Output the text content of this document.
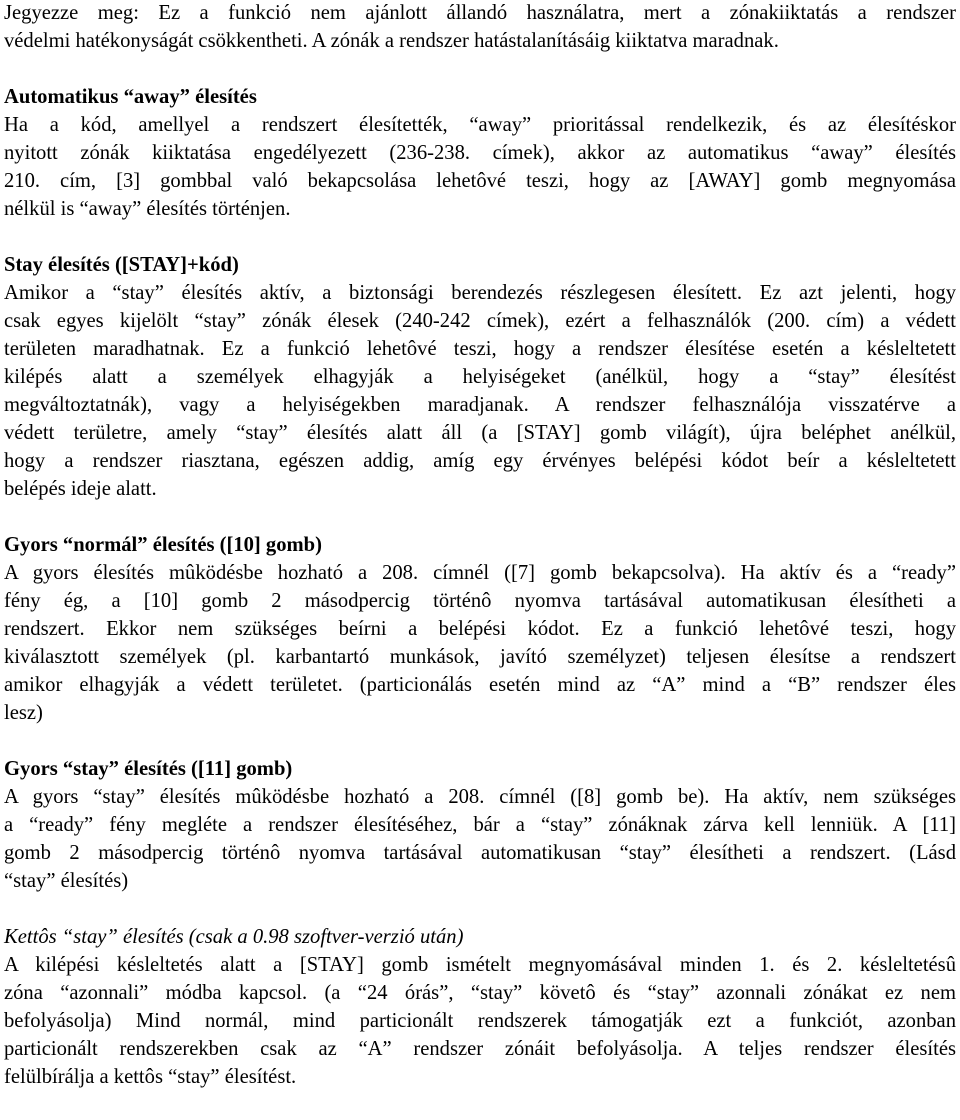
Jegyezze meg: Ez a funkció nem ajánlott állandó használatra, mert a zónakiiktatás a rendszer
védelmi hatékonyságát csökkentheti. A zónák a rendszer hatástalanításáig kiiktatva maradnak.
Automatikus “away” élesítés
Ha a kód, amellyel a rendszert élesítették, “away” prioritással rendelkezik, és az élesítéskor
nyitott zónák kiiktatása engedélyezett (236-238. címek), akkor az automatikus “away” élesítés
210. cím, [3] gombbal való bekapcsolása lehetôvé teszi, hogy az [AWAY] gomb megnyomása
nélkül is “away” élesítés történjen.
Stay élesítés ([STAY]+kód)
Amikor a “stay” élesítés aktív, a biztonsági berendezés részlegesen élesített. Ez azt jelenti, hogy
csak egyes kijelölt “stay” zónák élesek (240-242 címek), ezért a felhasználók (200. cím) a védett
területen maradhatnak. Ez a funkció lehetôvé teszi, hogy a rendszer élesítése esetén a késleltetett
kilépés alatt a személyek elhagyják a helyiségeket (anélkül, hogy a “stay” élesítést
megváltoztatnák), vagy a helyiségekben maradjanak. A rendszer felhasználója visszatérve a
védett területre, amely “stay” élesítés alatt áll (a [STAY] gomb világít), újra beléphet anélkül,
hogy a rendszer riasztana, egészen addig, amíg egy érvényes belépési kódot beír a késleltetett
belépés ideje alatt.
Gyors “normál” élesítés ([10] gomb)
A gyors élesítés mûködésbe hozható a 208. címnél ([7] gomb bekapcsolva). Ha aktív és a “ready”
fény ég, a [10] gomb 2 másodpercig történô nyomva tartásával automatikusan élesítheti a
rendszert. Ekkor nem szükséges beírni a belépési kódot. Ez a funkció lehetôvé teszi, hogy
kiválasztott személyek (pl. karbantartó munkások, javító személyzet) teljesen élesítse a rendszert
amikor elhagyják a védett területet. (particionálás esetén mind az “A” mind a “B” rendszer éles
lesz)
Gyors “stay” élesítés ([11] gomb)
A gyors “stay” élesítés mûködésbe hozható a 208. címnél ([8] gomb be). Ha aktív, nem szükséges
a “ready” fény megléte a rendszer élesítéséhez, bár a “stay” zónáknak zárva kell lenniük. A [11]
gomb 2 másodpercig történô nyomva tartásával automatikusan “stay” élesítheti a rendszert. (Lásd
“stay” élesítés)
Kettôs “stay” élesítés (csak a 0.98 szoftver-verzió után)
A kilépési késleltetés alatt a [STAY] gomb ismételt megnyomásával minden 1. és 2. késleltetésû
zóna “azonnali” módba kapcsol. (a “24 órás”, “stay” követô és “stay” azonnali zónákat ez nem
befolyásolja) Mind normál, mind particionált rendszerek támogatják ezt a funkciót, azonban
particionált rendszerekben csak az “A” rendszer zónáit befolyásolja. A teljes rendszer élesítés
felülbírálja a kettôs “stay” élesítést.
